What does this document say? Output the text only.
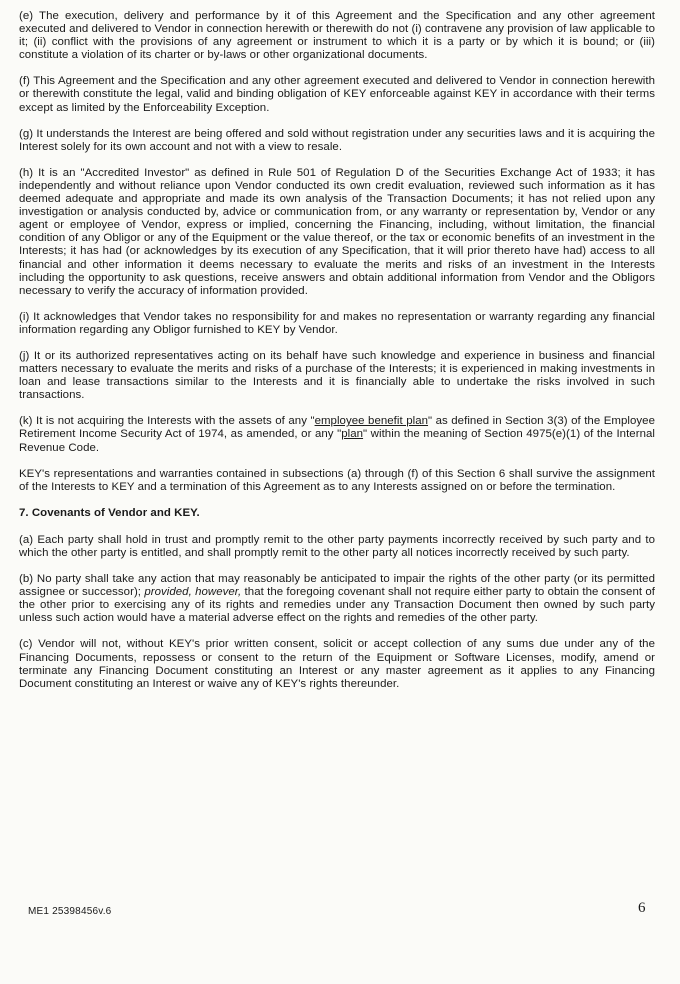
(e) The execution, delivery and performance by it of this Agreement and the Specification and any other agreement executed and delivered to Vendor in connection herewith or therewith do not (i) contravene any provision of law applicable to it; (ii) conflict with the provisions of any agreement or instrument to which it is a party or by which it is bound; or (iii) constitute a violation of its charter or by-laws or other organizational documents.

(f) This Agreement and the Specification and any other agreement executed and delivered to Vendor in connection herewith or therewith constitute the legal, valid and binding obligation of KEY enforceable against KEY in accordance with their terms except as limited by the Enforceability Exception.

(g) It understands the Interest are being offered and sold without registration under any securities laws and it is acquiring the Interest solely for its own account and not with a view to resale.

(h) It is an "Accredited Investor" as defined in Rule 501 of Regulation D of the Securities Exchange Act of 1933; it has independently and without reliance upon Vendor conducted its own credit evaluation, reviewed such information as it has deemed adequate and appropriate and made its own analysis of the Transaction Documents; it has not relied upon any investigation or analysis conducted by, advice or communication from, or any warranty or representation by, Vendor or any agent or employee of Vendor, express or implied, concerning the Financing, including, without limitation, the financial condition of any Obligor or any of the Equipment or the value thereof, or the tax or economic benefits of an investment in the Interests; it has had (or acknowledges by its execution of any Specification, that it will prior thereto have had) access to all financial and other information it deems necessary to evaluate the merits and risks of an investment in the Interests including the opportunity to ask questions, receive answers and obtain additional information from Vendor and the Obligors necessary to verify the accuracy of information provided.

(i) It acknowledges that Vendor takes no responsibility for and makes no representation or warranty regarding any financial information regarding any Obligor furnished to KEY by Vendor.

(j) It or its authorized representatives acting on its behalf have such knowledge and experience in business and financial matters necessary to evaluate the merits and risks of a purchase of the Interests; it is experienced in making investments in loan and lease transactions similar to the Interests and it is financially able to undertake the risks involved in such transactions.

(k) It is not acquiring the Interests with the assets of any "employee benefit plan" as defined in Section 3(3) of the Employee Retirement Income Security Act of 1974, as amended, or any "plan" within the meaning of Section 4975(e)(1) of the Internal Revenue Code.

KEY's representations and warranties contained in subsections (a) through (f) of this Section 6 shall survive the assignment of the Interests to KEY and a termination of this Agreement as to any Interests assigned on or before the termination.

7. Covenants of Vendor and KEY.

(a) Each party shall hold in trust and promptly remit to the other party payments incorrectly received by such party and to which the other party is entitled, and shall promptly remit to the other party all notices incorrectly received by such party.

(b) No party shall take any action that may reasonably be anticipated to impair the rights of the other party (or its permitted assignee or successor); provided, however, that the foregoing covenant shall not require either party to obtain the consent of the other prior to exercising any of its rights and remedies under any Transaction Document then owned by such party unless such action would have a material adverse effect on the rights and remedies of the other party.

(c) Vendor will not, without KEY's prior written consent, solicit or accept collection of any sums due under any of the Financing Documents, repossess or consent to the return of the Equipment or Software Licenses, modify, amend or terminate any Financing Document constituting an Interest or any master agreement as it applies to any Financing Document constituting an Interest or waive any of KEY's rights thereunder.

ME1 25398456v.6	6
